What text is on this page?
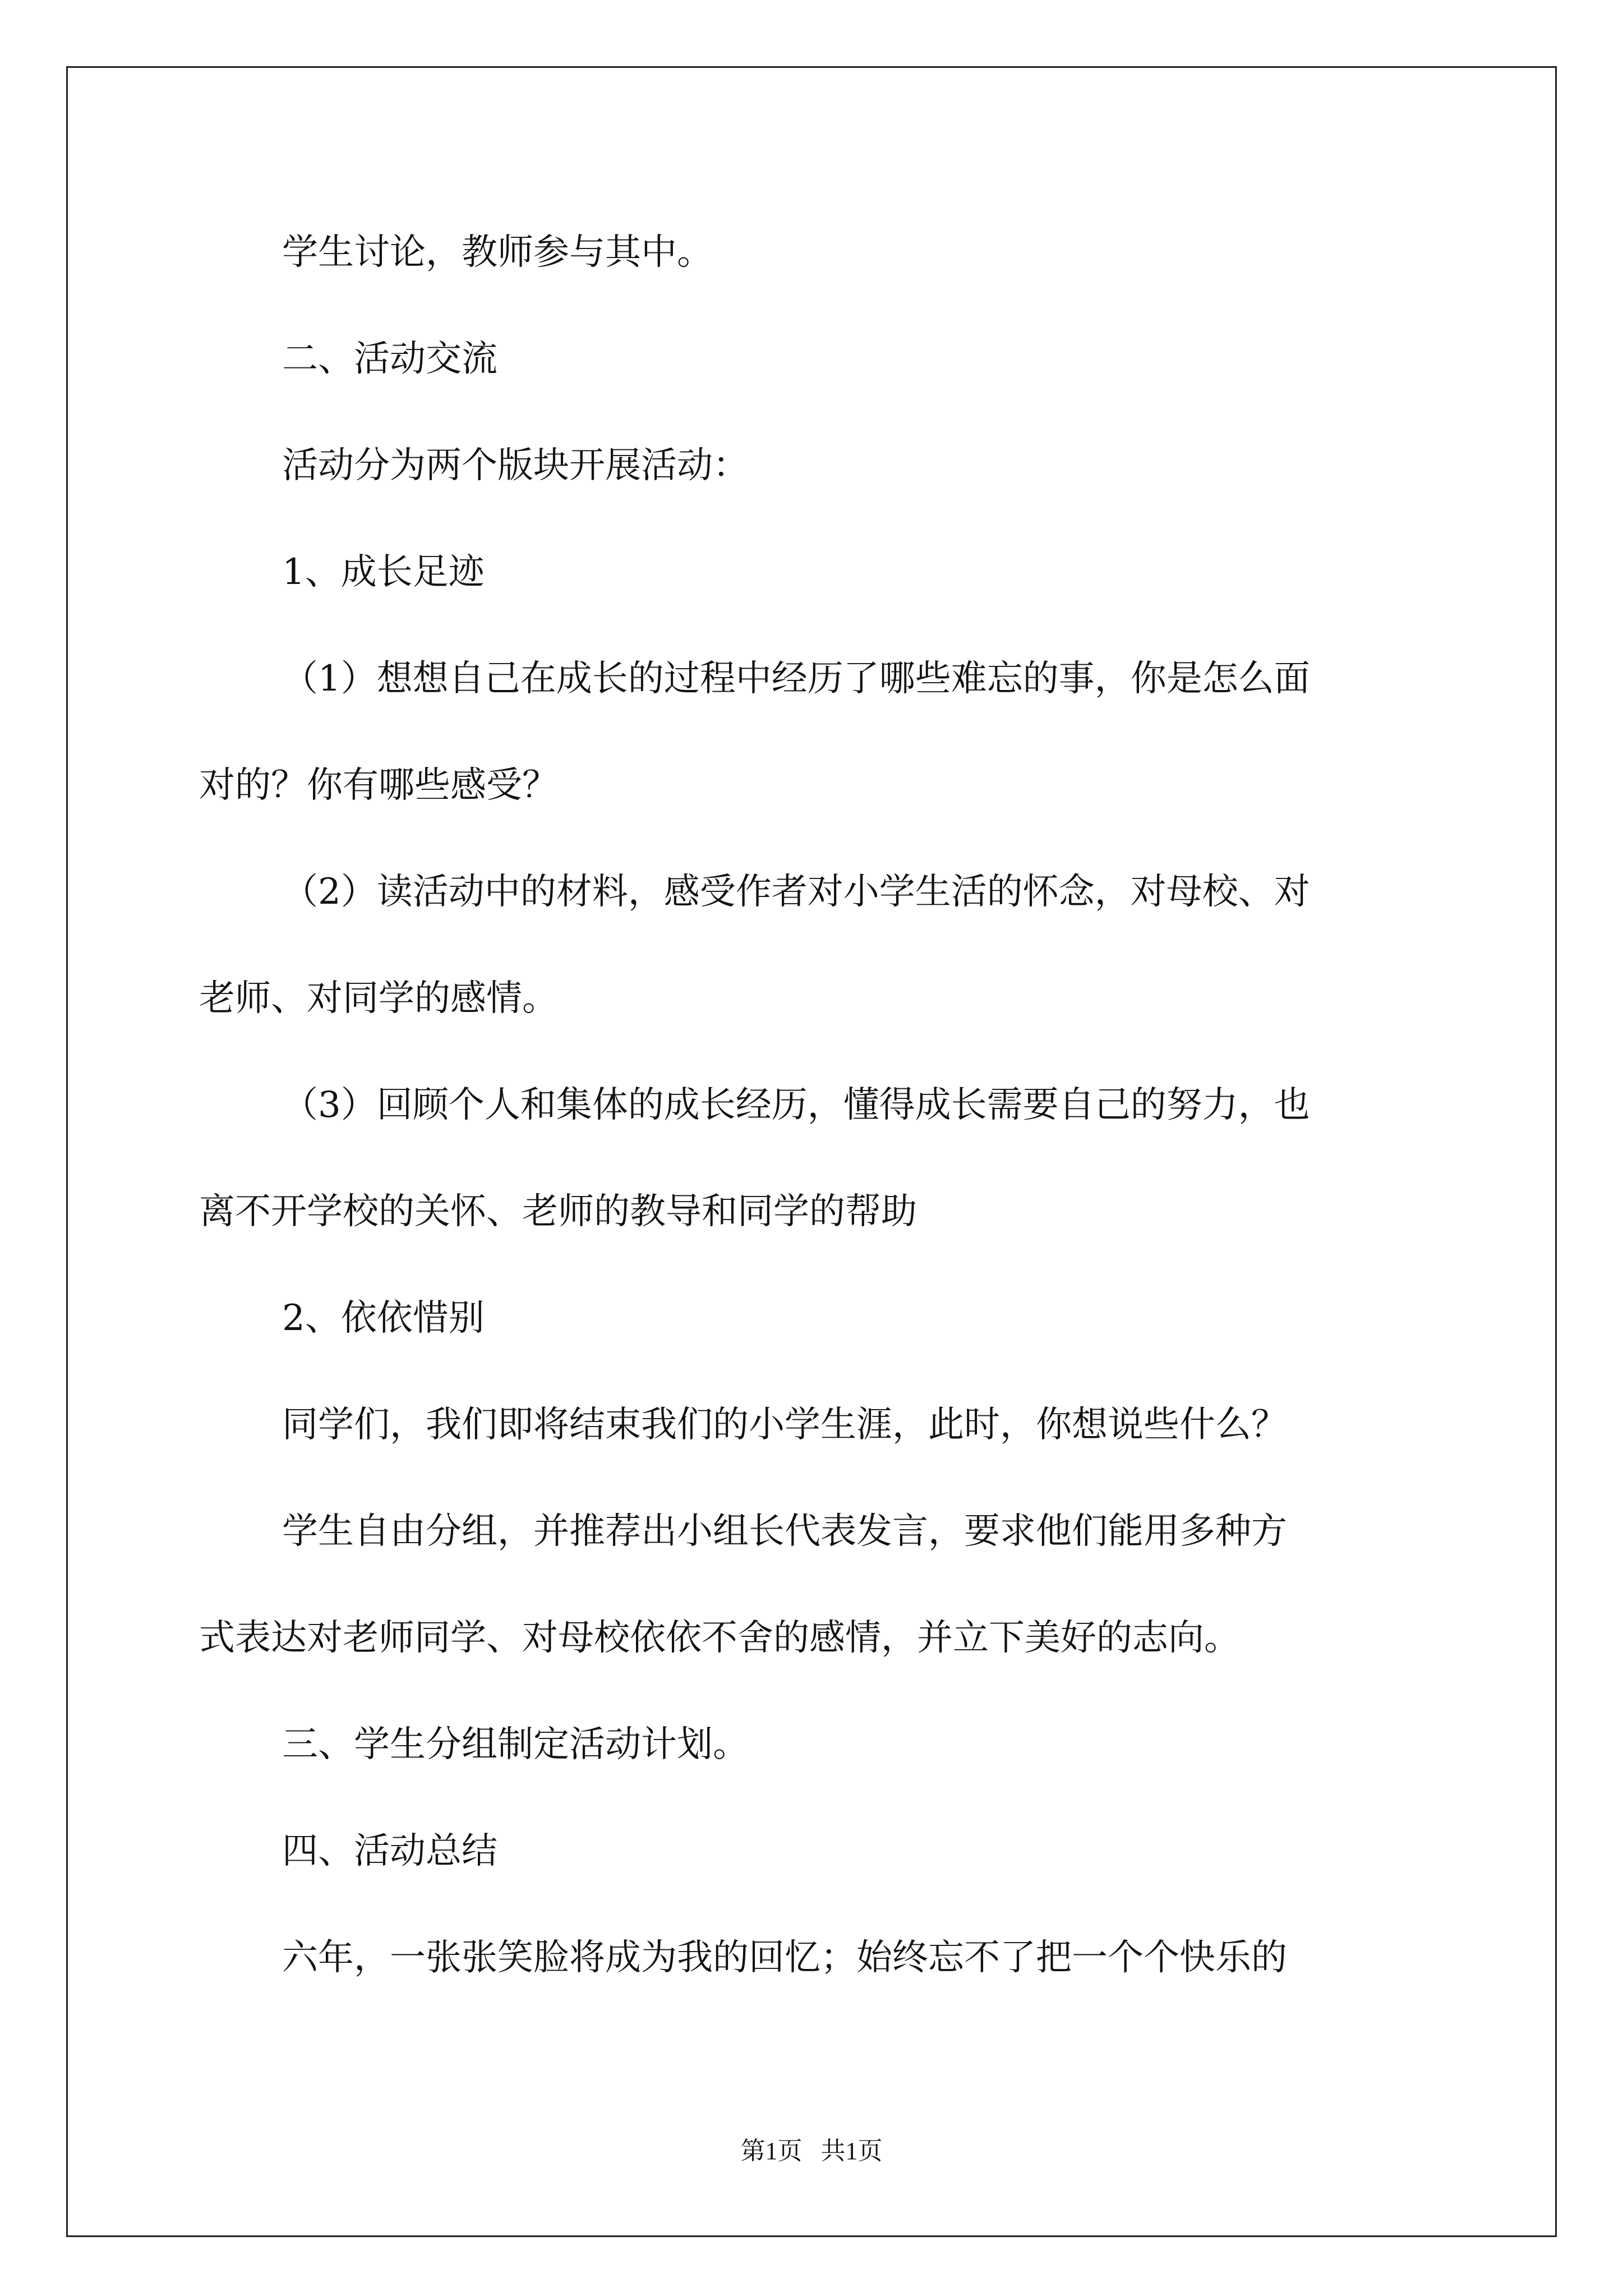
学生讨论，教师参与其中。

二、活动交流

活动分为两个版块开展活动：

1、成长足迹

（1）想想自己在成长的过程中经历了哪些难忘的事，你是怎么面

对的？你有哪些感受？

（2）读活动中的材料，感受作者对小学生活的怀念，对母校、对

老师、对同学的感情。

（3）回顾个人和集体的成长经历，懂得成长需要自己的努力，也

离不开学校的关怀、老师的教导和同学的帮助

2、依依惜别

同学们，我们即将结束我们的小学生涯，此时，你想说些什么？

学生自由分组，并推荐出小组长代表发言，要求他们能用多种方

式表达对老师同学、对母校依依不舍的感情，并立下美好的志向。

三、学生分组制定活动计划。

四、活动总结

六年，一张张笑脸将成为我的回忆；始终忘不了把一个个快乐的

第1页   共1页
